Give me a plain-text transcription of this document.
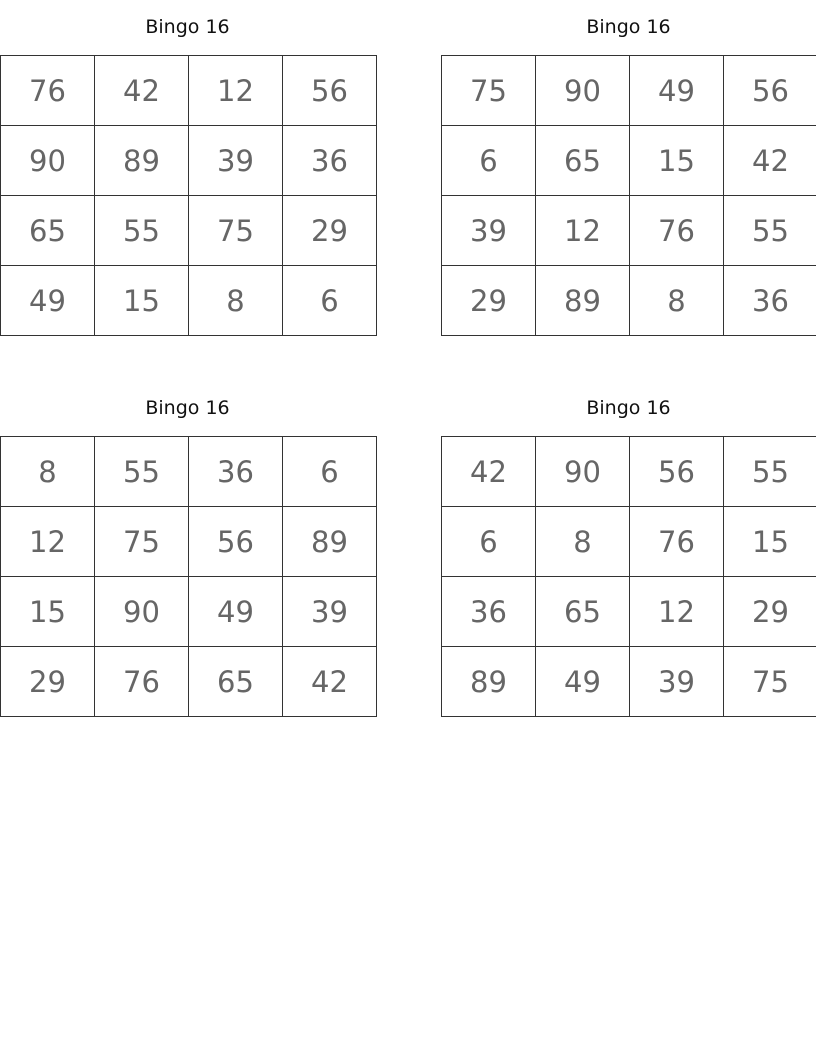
Bingo 16
76	42	12	56
90	89	39	36
65	55	75	29
49	15	8	6
Bingo 16
75	90	49	56
6	65	15	42
39	12	76	55
29	89	8	36
Bingo 16
8	55	36	6
12	75	56	89
15	90	49	39
29	76	65	42
Bingo 16
42	90	56	55
6	8	76	15
36	65	12	29
89	49	39	75
